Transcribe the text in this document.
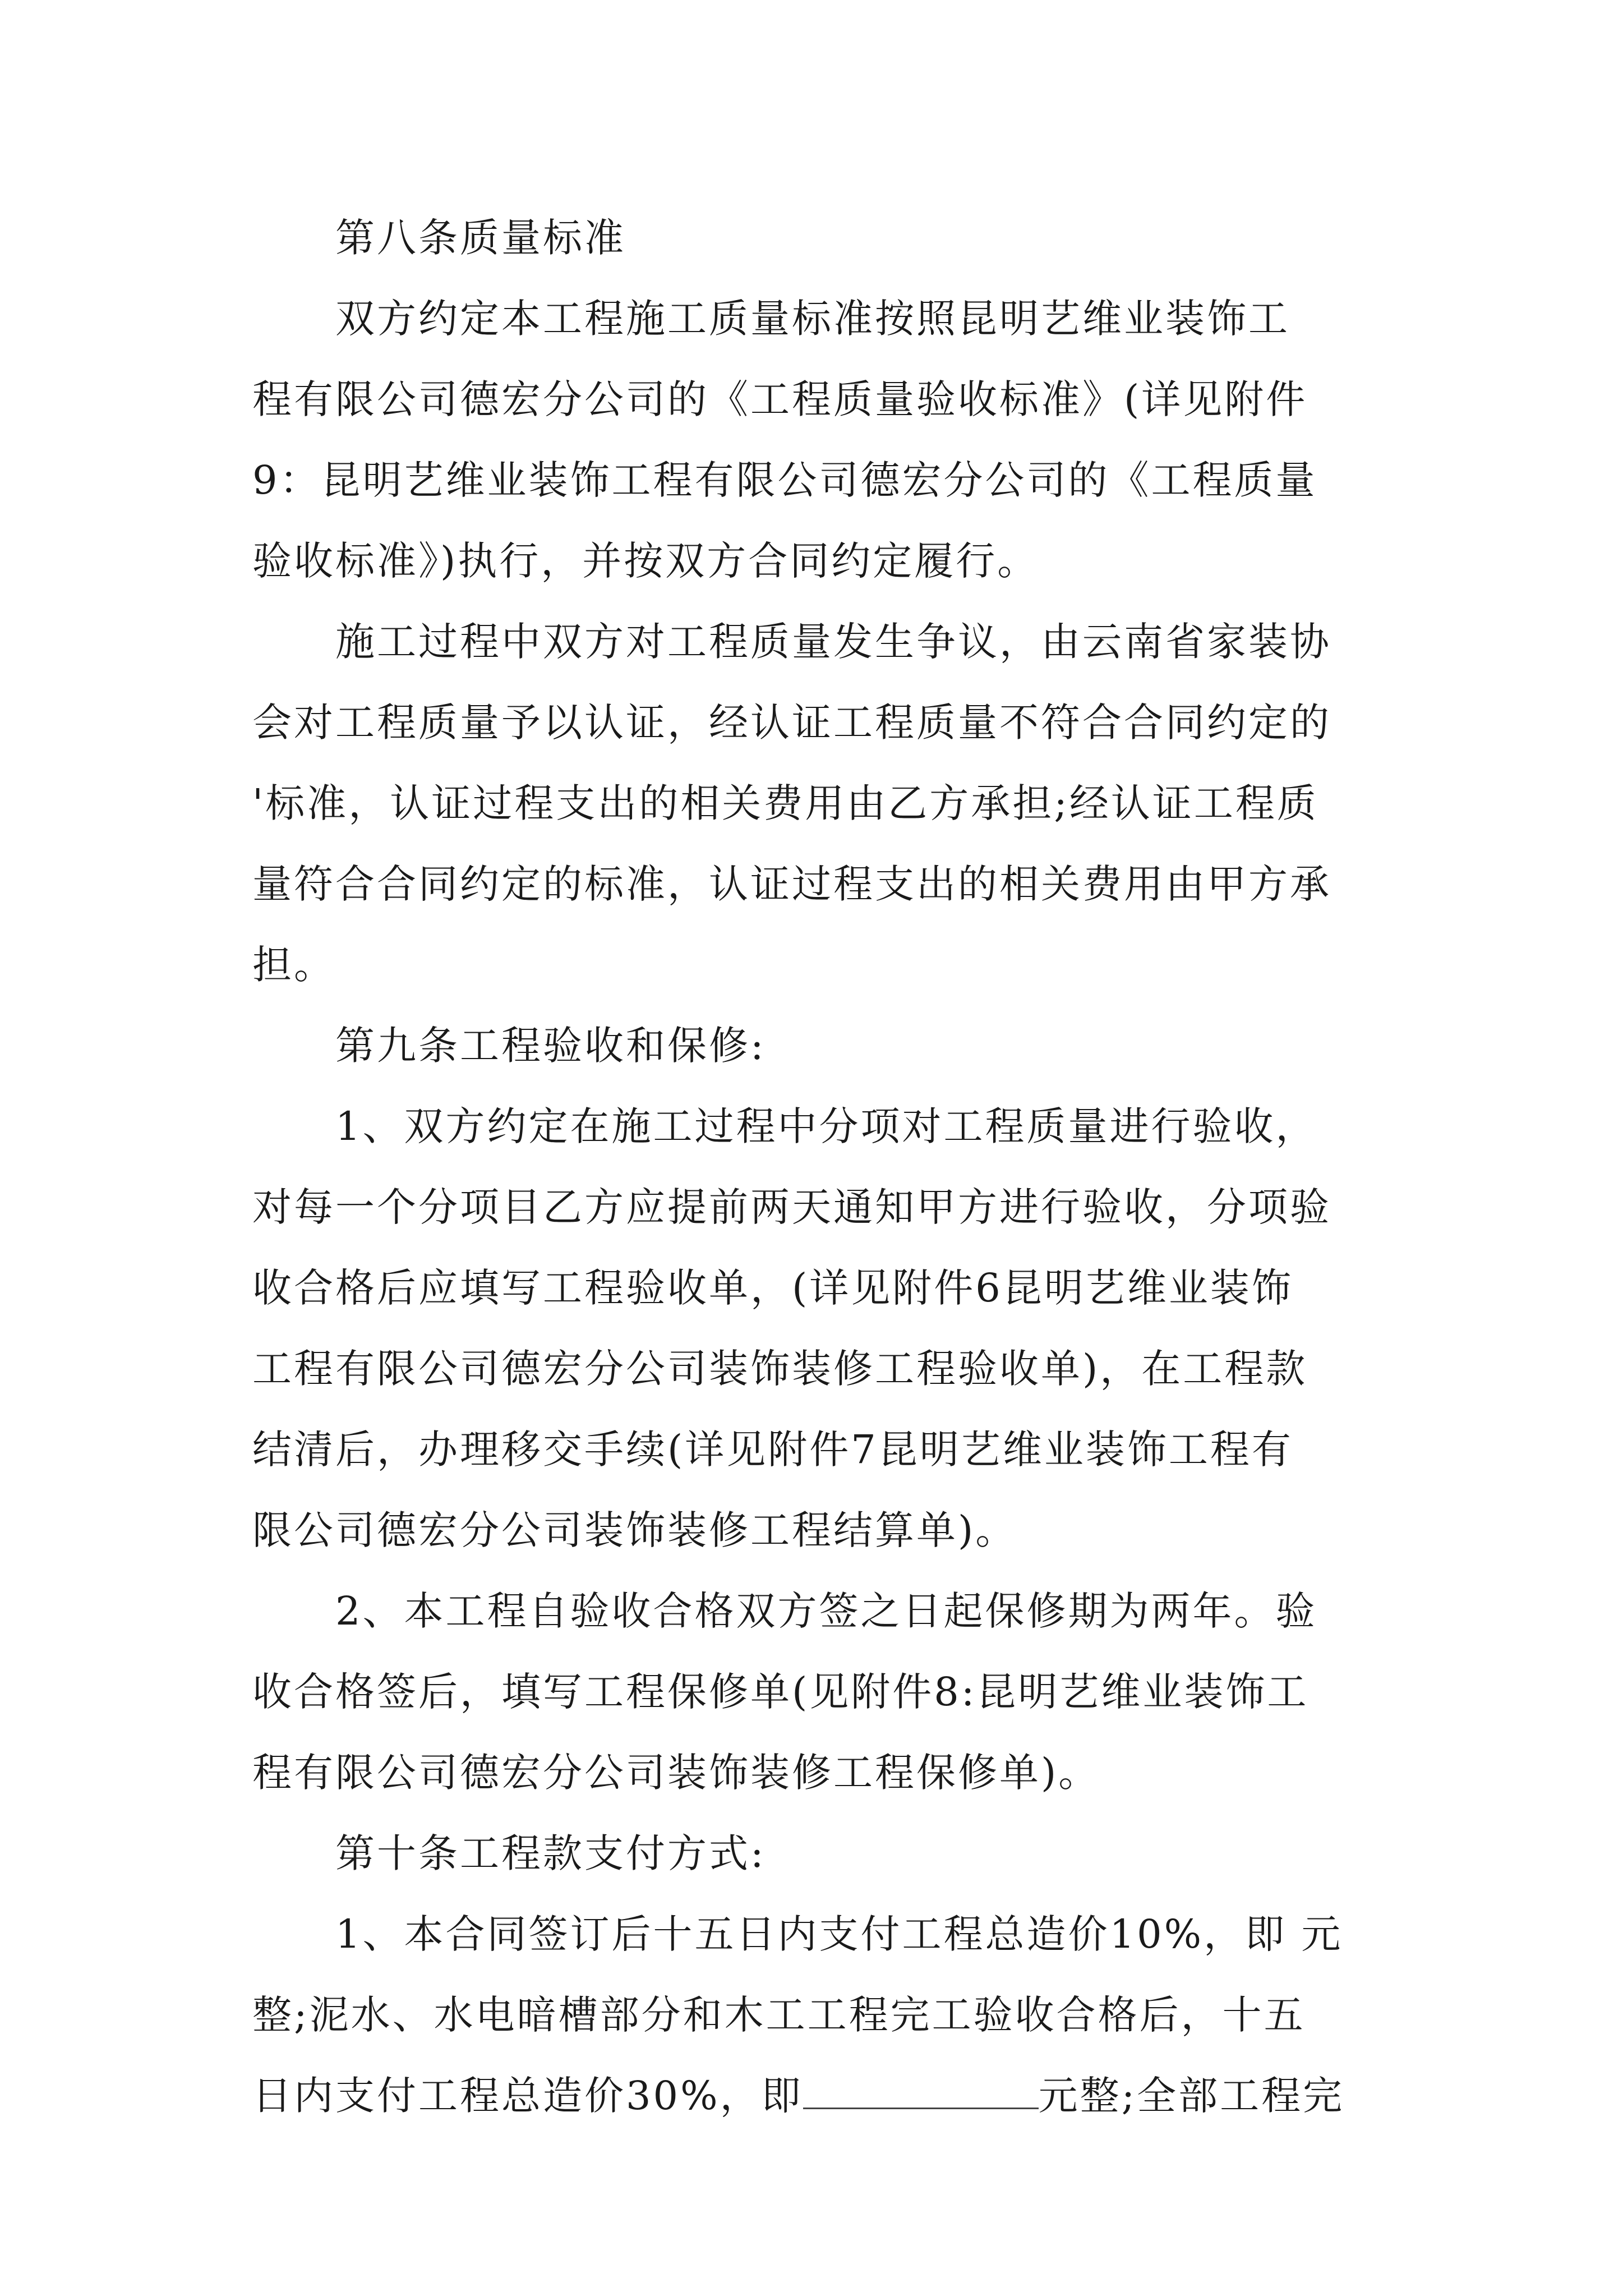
第八条质量标准
双方约定本工程施工质量标准按照昆明艺维业装饰工
程有限公司德宏分公司的《工程质量验收标准》(详见附件
9：昆明艺维业装饰工程有限公司德宏分公司的《工程质量
验收标准》)执行，并按双方合同约定履行。
施工过程中双方对工程质量发生争议，由云南省家装协
会对工程质量予以认证，经认证工程质量不符合合同约定的
'标准，认证过程支出的相关费用由乙方承担;经认证工程质
量符合合同约定的标准，认证过程支出的相关费用由甲方承
担。
第九条工程验收和保修:
1、双方约定在施工过程中分项对工程质量进行验收，
对每一个分项目乙方应提前两天通知甲方进行验收，分项验
收合格后应填写工程验收单，(详见附件6昆明艺维业装饰
工程有限公司德宏分公司装饰装修工程验收单)，在工程款
结清后，办理移交手续(详见附件7昆明艺维业装饰工程有
限公司德宏分公司装饰装修工程结算单)。
2、本工程自验收合格双方签之日起保修期为两年。验
收合格签后，填写工程保修单(见附件8:昆明艺维业装饰工
程有限公司德宏分公司装饰装修工程保修单)。
第十条工程款支付方式:
1、本合同签订后十五日内支付工程总造价10%，即 元
整;泥水、水电暗槽部分和木工工程完工验收合格后，十五
日内支付工程总造价30%，即	元整;全部工程完
